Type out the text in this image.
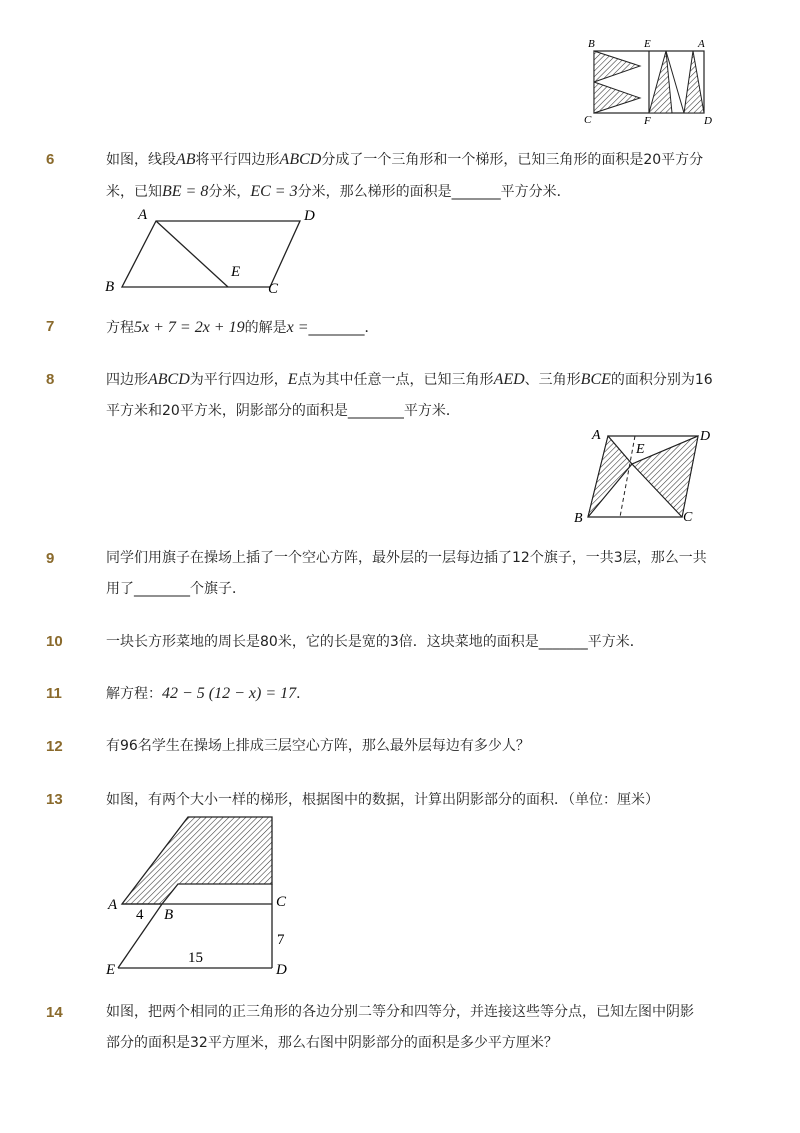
B	E	A
C	F	D
6	如图，线段AB将平行四边形ABCD分成了一个三角形和一个梯形，已知三角形的面积是20平方分
米，已知BE = 8分米，EC = 3分米，那么梯形的面积是_______平方分米．
A	D
E
B	C
7	方程5x + 7 = 2x + 19的解是x =________．
8	四边形ABCD为平行四边形，E点为其中任意一点，已知三角形AED、三角形BCE的面积分别为16
平方米和20平方米，阴影部分的面积是________平方米．
A
E
D
B	C
9	同学们用旗子在操场上插了一个空心方阵，最外层的一层每边插了12个旗子，一共3层，那么一共
用了________个旗子．
10	一块长方形菜地的周长是80米，它的长是宽的3倍．这块菜地的面积是_______平方米．
11	解方程：42 − 5 (12 − x) = 17．
12	有96名学生在操场上排成三层空心方阵，那么最外层每边有多少人？
13	如图，有两个大小一样的梯形，根据图中的数据，计算出阴影部分的面积．（单位：厘米）
A
B
C
E	D
4
7
15
14	如图，把两个相同的正三角形的各边分别二等分和四等分，并连接这些等分点，已知左图中阴影
部分的面积是32平方厘米，那么右图中阴影部分的面积是多少平方厘米？
